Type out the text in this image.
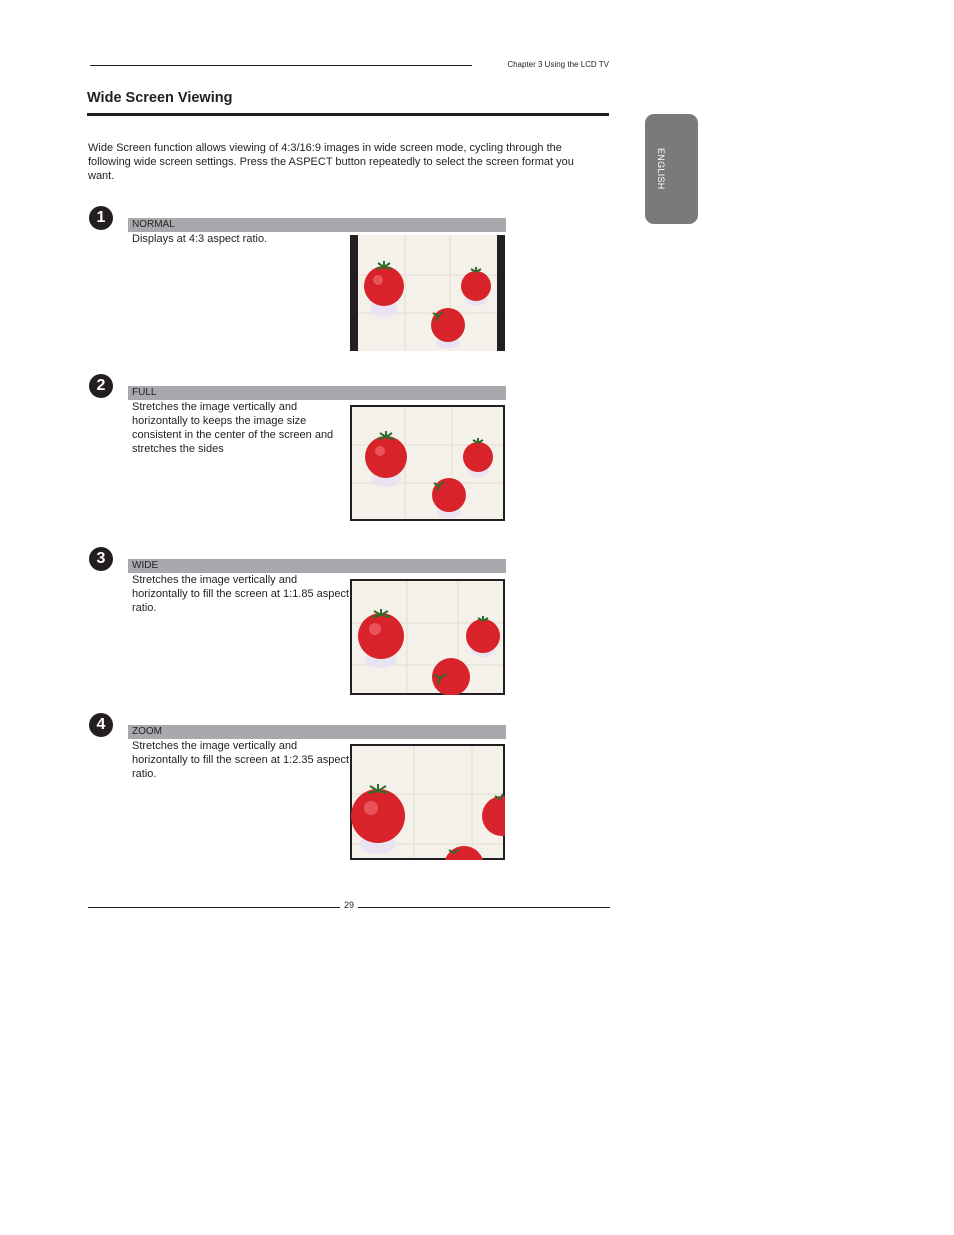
Chapter 3 Using the LCD TV
Wide Screen Viewing
ENGLISH
Wide Screen function allows viewing of 4:3/16:9 images in wide screen mode, cycling through the following wide screen settings. Press the ASPECT button repeatedly to select the screen format you want.
1	NORMAL
Displays at 4:3 aspect ratio.
2	FULL
Stretches the image vertically and horizontally to keeps the image size consistent in the center of the screen and stretches the sides
3	WIDE
Stretches the image vertically and horizontally to fill the screen at 1:1.85 aspect ratio.
4	ZOOM
Stretches the image vertically and horizontally to fill the screen at 1:2.35 aspect ratio.
29
